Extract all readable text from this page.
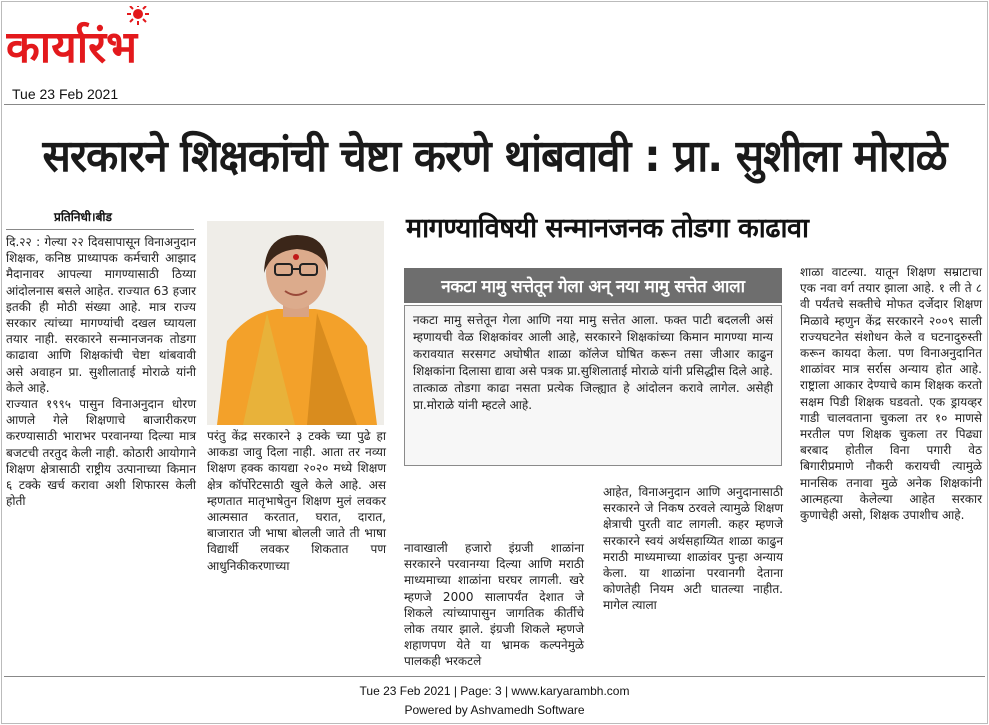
कार्यारंभ
Tue 23 Feb 2021
सरकारने शिक्षकांची चेष्टा करणे थांबवावी : प्रा. सुशीला मोराळे
प्रतिनिधी।बीड	मागण्याविषयी सन्मानजनक तोडगा काढावा

दि.२२ : गेल्या २२ दिवसापासून विनाअनुदान शिक्षक, कनिष्ठ प्राध्यापक कर्मचारी आझाद मैदानावर आपल्या मागण्यासाठी ठिय्या आंदोलनास बसले आहेत. राज्यात 63 हजार इतकी ही मोठी संख्या आहे. मात्र राज्य सरकार त्यांच्या मागण्यांची दखल घ्यायला तयार नाही. सरकारने सन्मानजनक तोडगा काढावा आणि शिक्षकांची चेष्टा थांबवावी असे अवाहन प्रा. सुशीलाताई मोराळे यांनी केले आहे.

राज्यात १९९५ पासुन विनाअनुदान धोरण आणले गेले शिक्षणाचे बाजारीकरण करण्यासाठी भाराभर परवानग्या दिल्या मात्र बजटची तरतुद केली नाही. कोठारी आयोगाने शिक्षण क्षेत्रासाठी राष्ट्रीय उत्पानाच्या किमान ६ टक्के खर्च करावा अशी शिफारस केली होती

परंतु केंद्र सरकारने ३ टक्के च्या पुढे हा आकडा जावु दिला नाही. आता तर नव्या शिक्षण हक्क कायद्या २०२० मध्ये शिक्षण क्षेत्र कॉर्पोरेटसाठी खुले केले आहे. अस म्हणतात मातृभाषेतुन शिक्षण मुलं लवकर आत्मसात करतात, घरात, दारात, बाजारात जी भाषा बोलली जाते ती भाषा विद्यार्थी लवकर शिकतात पण आधुनिकीकरणाच्या

नकटा मामु सत्तेतून गेला अन् नया मामु सत्तेत आला
नकटा मामु सत्तेतून गेला आणि नया मामु सत्तेत आला. फक्त पाटी बदलली असं म्हणायची वेळ शिक्षकांवर आली आहे, सरकारने शिक्षकांच्या किमान मागण्या मान्य करावयात सरसगट अघोषीत शाळा कॉलेज घोषित करून तसा जीआर काढुन शिक्षकांना दिलासा द्यावा असे पत्रक प्रा.सुशिलाताई मोराळे यांनी प्रसिद्धीस दिले आहे. तात्काळ तोडगा काढा नसता प्रत्येक जिल्ह्यात हे आंदोलन करावे लागेल. असेही प्रा.मोराळे यांनी म्हटले आहे.

नावाखाली हजारो इंग्रजी शाळांना सरकारने परवानग्या दिल्या आणि मराठी माध्यमाच्या शाळांना घरघर लागली. खरे म्हणजे 2000 सालापर्यंत देशात जे शिकले त्यांच्यापासुन जागतिक कीर्तीचे लोक तयार झाले. इंग्रजी शिकले म्हणजे शहाणपण येते या भ्रामक कल्पनेमुळे पालकही भरकटले

आहेत, विनाअनुदान आणि अनुदानासाठी सरकारने जे निकष ठरवले त्यामुळे शिक्षण क्षेत्राची पुरती वाट लागली. कहर म्हणजे सरकारने स्वयं अर्थसहाय्यित शाळा काढुन मराठी माध्यमाच्या शाळांवर पुन्हा अन्याय केला. या शाळांना परवानगी देताना कोणतेही नियम अटी घातल्या नाहीत. मागेल त्याला

शाळा वाटल्या. यातून शिक्षण सम्राटाचा एक नवा वर्ग तयार झाला आहे. १ ली ते ८ वी पर्यंतचे सक्तीचे मोफत दर्जेदार शिक्षण मिळावे म्हणुन केंद्र सरकारने २००९ साली राज्यघटनेत संशोधन केले व घटनादुरुस्ती करून कायदा केला. पण विनाअनुदानित शाळांवर मात्र सर्रास अन्याय होत आहे. राष्ट्राला आकार देण्याचे काम शिक्षक करतो सक्षम पिडी शिक्षक घडवतो. एक ड्रायव्हर गाडी चालवताना चुकला तर १० माणसे मरतील पण शिक्षक चुकला तर पिढ्या बरबाद होतील विना पगारी वेठ बिगारीप्रमाणे नौकरी करायची त्यामुळे मानसिक तनावा मुळे अनेक शिक्षकांनी आत्महत्या केलेल्या आहेत सरकार कुणाचेही असो, शिक्षक उपाशीच आहे.

Tue 23 Feb 2021 | Page: 3 | www.karyarambh.com
Powered by Ashvamedh Software
